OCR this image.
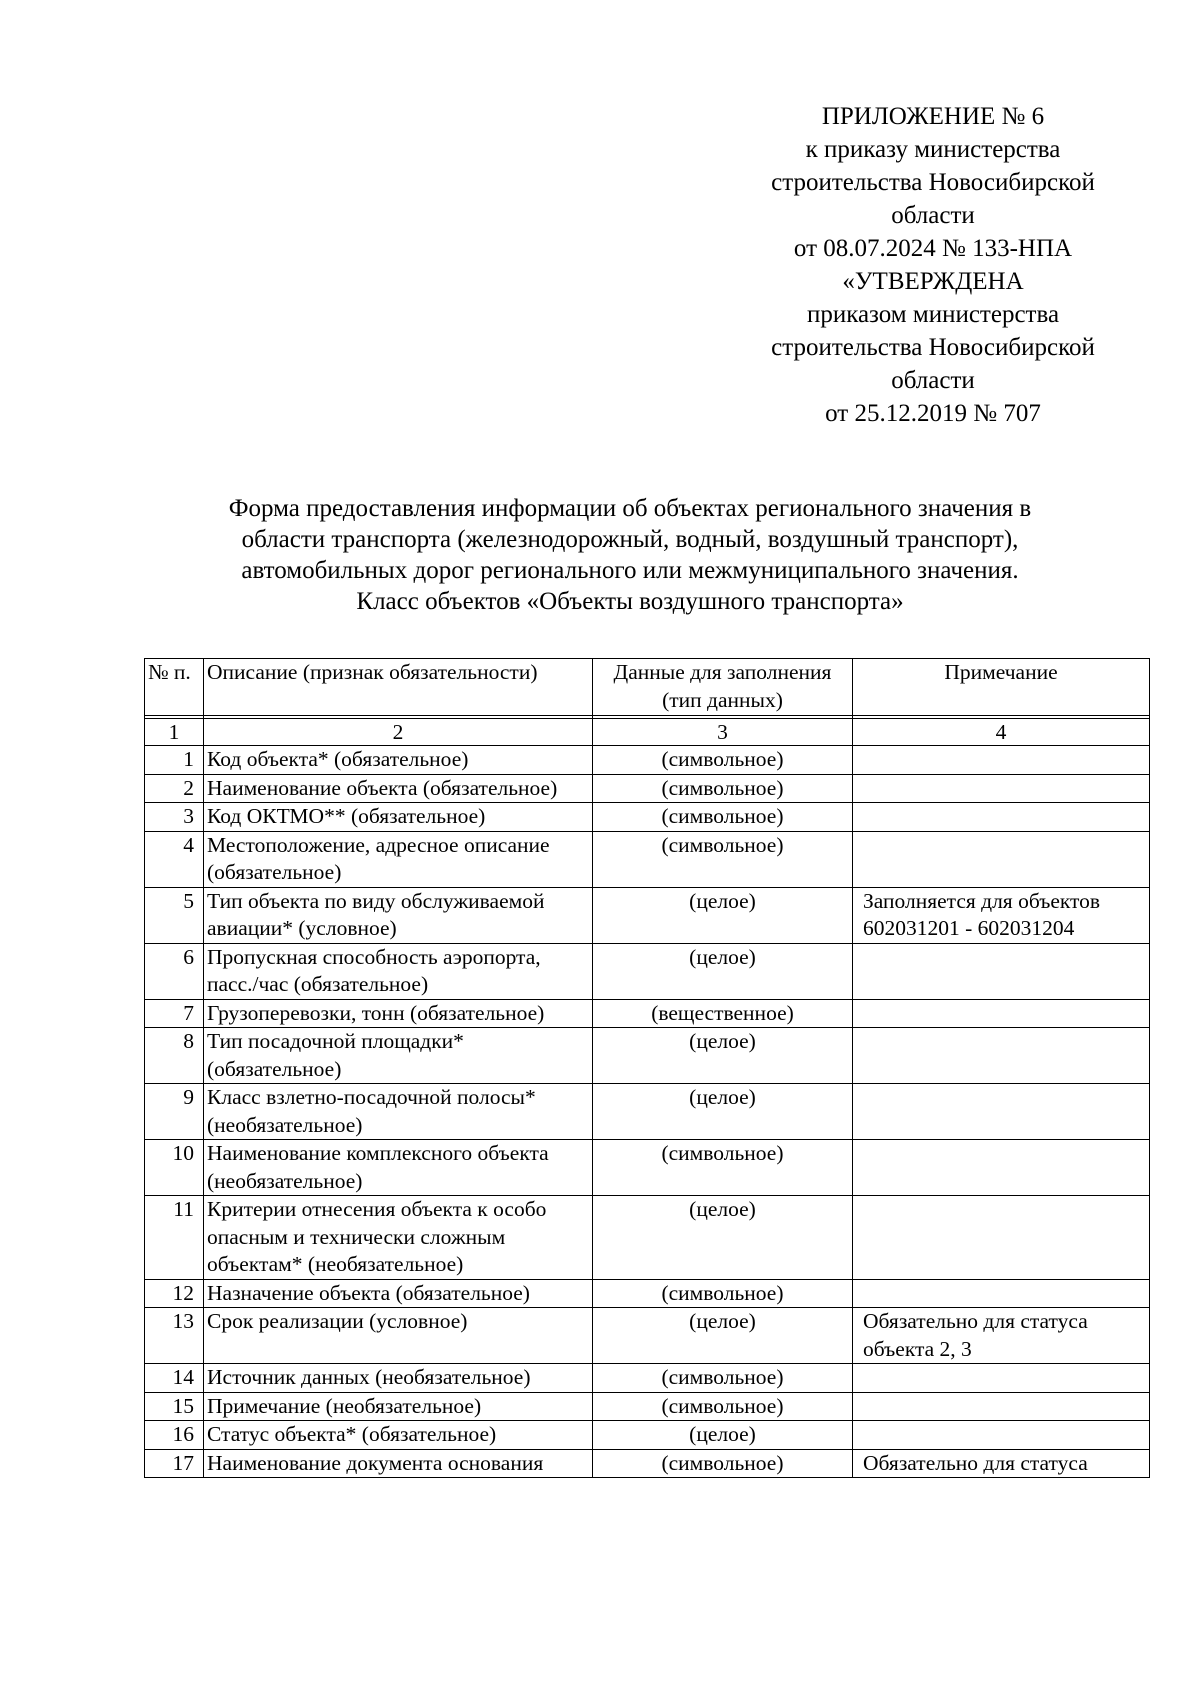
ПРИЛОЖЕНИЕ № 6
к приказу министерства
строительства Новосибирской
области
от 08.07.2024 № 133-НПА
«УТВЕРЖДЕНА
приказом министерства
строительства Новосибирской
области
от 25.12.2019 № 707
Форма предоставления информации об объектах регионального значения в
области транспорта (железнодорожный, водный, воздушный транспорт),
автомобильных дорог регионального или межмуниципального значения.
Класс объектов «Объекты воздушного транспорта»
№ п.	Описание (признак обязательности)	Данные для заполнения (тип данных)	Примечание

1	2	3	4
1	Код объекта* (обязательное)	(символьное)	
2	Наименование объекта (обязательное)	(символьное)	
3	Код ОКТМО** (обязательное)	(символьное)	
4	Местоположение, адресное описание (обязательное)	(символьное)	
5	Тип объекта по виду обслуживаемой авиации* (условное)	(целое)	Заполняется для объектов 602031201 - 602031204
6	Пропускная способность аэропорта, пасс./час (обязательное)	(целое)	
7	Грузоперевозки, тонн (обязательное)	(вещественное)	
8	Тип посадочной площадки* (обязательное)	(целое)	
9	Класс взлетно-посадочной полосы* (необязательное)	(целое)	
10	Наименование комплексного объекта (необязательное)	(символьное)	
11	Критерии отнесения объекта к особо опасным и технически сложным объектам* (необязательное)	(целое)	
12	Назначение объекта (обязательное)	(символьное)	
13	Срок реализации (условное)	(целое)	Обязательно для статуса объекта 2, 3
14	Источник данных (необязательное)	(символьное)	
15	Примечание (необязательное)	(символьное)	
16	Статус объекта* (обязательное)	(целое)	
17	Наименование документа основания	(символьное)	Обязательно для статуса
